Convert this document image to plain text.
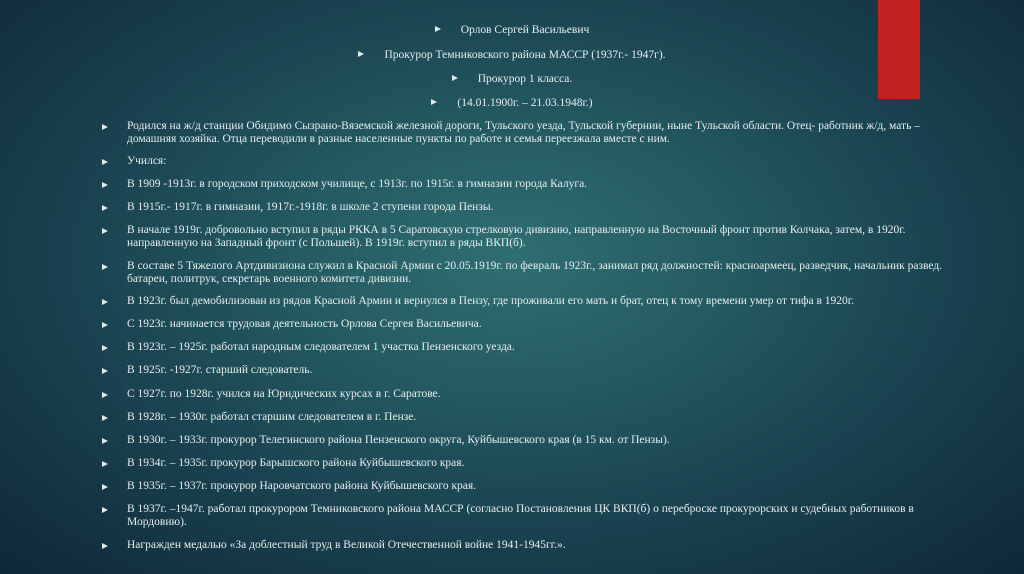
Орлов Сергей Васильевич
Прокурор Темниковского района МАССР (1937г.- 1947г).
Прокурор 1 класса.
(14.01.1900г. – 21.03.1948г.)
Родился на ж/д станции Обидимо Сызрано-Вяземской железной дороги, Тульского уезда, Тульской губернии, ныне Тульской области. Отец- работник ж/д, мать – домашняя хозяйка. Отца переводили в разные населенные пункты по работе и семья переезжала вместе с ним.
Учился:
В 1909 -1913г. в городском приходском училище, с 1913г. по 1915г. в гимназии города Калуга.
В 1915г.- 1917г. в гимназии, 1917г.-1918г. в школе 2 ступени города Пензы.
В начале 1919г. добровольно вступил в ряды РККА в 5 Саратовскую стрелковую дивизию, направленную на Восточный фронт против Колчака, затем, в 1920г. направленную на Западный фронт (с Польшей). В 1919г. вступил в ряды ВКП(б).
В составе 5 Тяжелого Артдивизиона служил в Красной Армии с 20.05.1919г. по февраль 1923г., занимал ряд должностей: красноармеец, разведчик, начальник развед. батареи, политрук, секретарь военного комитета дивизии.
В 1923г. был демобилизован из рядов Красной Армии и вернулся в Пензу, где проживали его мать и брат, отец к тому времени умер от тифа в 1920г.
С 1923г. начинается трудовая деятельность Орлова Сергея Васильевича.
В 1923г. – 1925г. работал народным следователем 1 участка Пензенского уезда.
В 1925г. -1927г. старший следователь.
С 1927г. по 1928г. учился на Юридических курсах в г. Саратове.
В 1928г. – 1930г. работал старшим следователем в г. Пензе.
В 1930г. – 1933г. прокурор Телегинского района Пензенского округа, Куйбышевского края (в 15 км. от Пензы).
В 1934г. – 1935г. прокурор Барышского района Куйбышевского края.
В 1935г. – 1937г. прокурор Наровчатского района Куйбышевского края.
В 1937г. –1947г. работал прокурором Темниковского района МАССР (согласно Постановления ЦК ВКП(б) о переброске прокурорских и судебных работников в Мордовию).
Награжден медалью «За доблестный труд в Великой Отечественной войне 1941-1945гг.».
